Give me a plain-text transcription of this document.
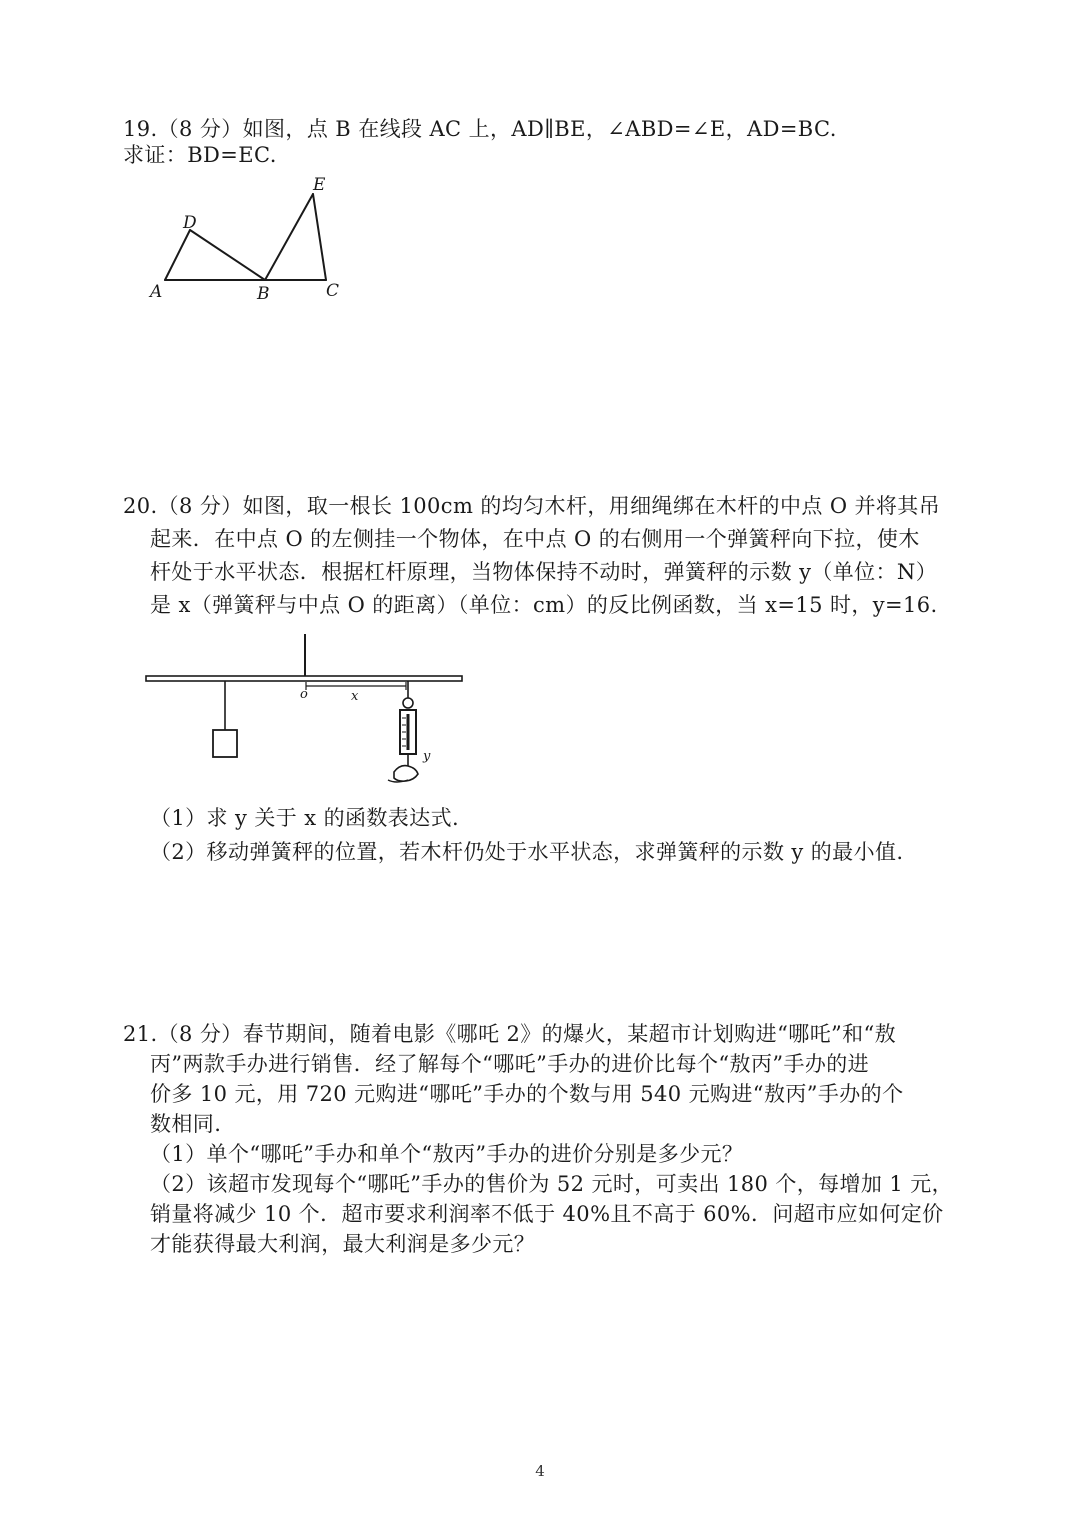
19.（8 分）如图，点 B 在线段 AC 上，AD∥BE，∠ABD=∠E，AD=BC.
求证：BD=EC.
A	B	C
D
E
20.（8 分）如图，取一根长 100cm 的均匀木杆，用细绳绑在木杆的中点 O 并将其吊
起来．在中点 O 的左侧挂一个物体，在中点 O 的右侧用一个弹簧秤向下拉，使木
杆处于水平状态．根据杠杆原理，当物体保持不动时，弹簧秤的示数 y（单位：N）
是 x（弹簧秤与中点 O 的距离）（单位：cm）的反比例函数，当 x=15 时，y=16.
o	x
y
（1）求 y 关于 x 的函数表达式.
（2）移动弹簧秤的位置，若木杆仍处于水平状态，求弹簧秤的示数 y 的最小值.
21.（8 分）春节期间，随着电影《哪吒 2》的爆火，某超市计划购进“哪吒”和“敖
丙”两款手办进行销售．经了解每个“哪吒”手办的进价比每个“敖丙”手办的进
价多 10 元，用 720 元购进“哪吒”手办的个数与用 540 元购进“敖丙”手办的个
数相同.
（1）单个“哪吒”手办和单个“敖丙”手办的进价分别是多少元？
（2）该超市发现每个“哪吒”手办的售价为 52 元时，可卖出 180 个，每增加 1 元，
销量将减少 10 个．超市要求利润率不低于 40%且不高于 60%．问超市应如何定价
才能获得最大利润，最大利润是多少元？
4
